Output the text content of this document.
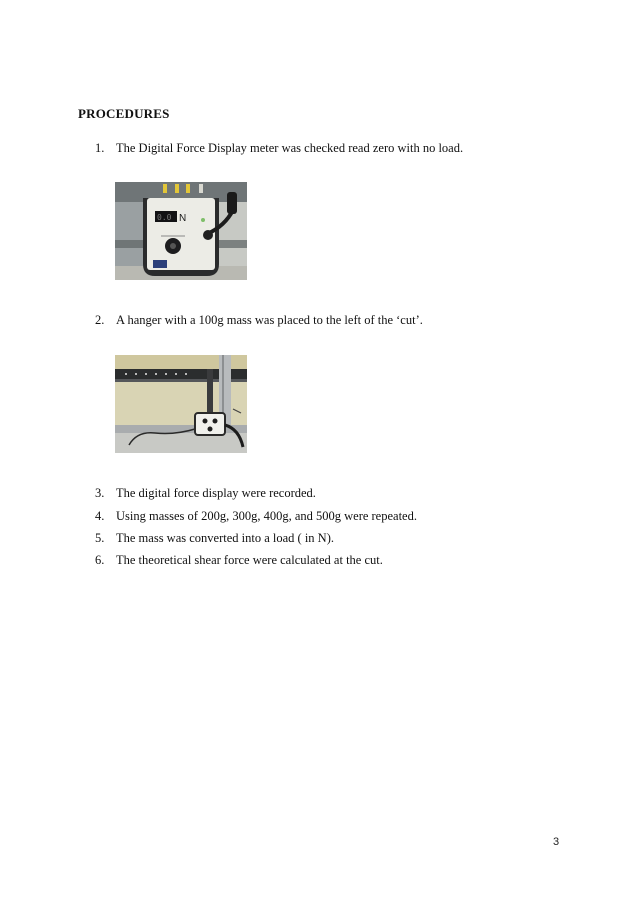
PROCEDURES
1. The Digital Force Display meter was checked read zero with no load.
0.0 N
2. A hanger with a 100g mass was placed to the left of the ‘cut’.
3. The digital force display were recorded.
4. Using masses of 200g, 300g, 400g, and 500g were repeated.
5. The mass was converted into a load ( in N).
6. The theoretical shear force were calculated at the cut.
3
